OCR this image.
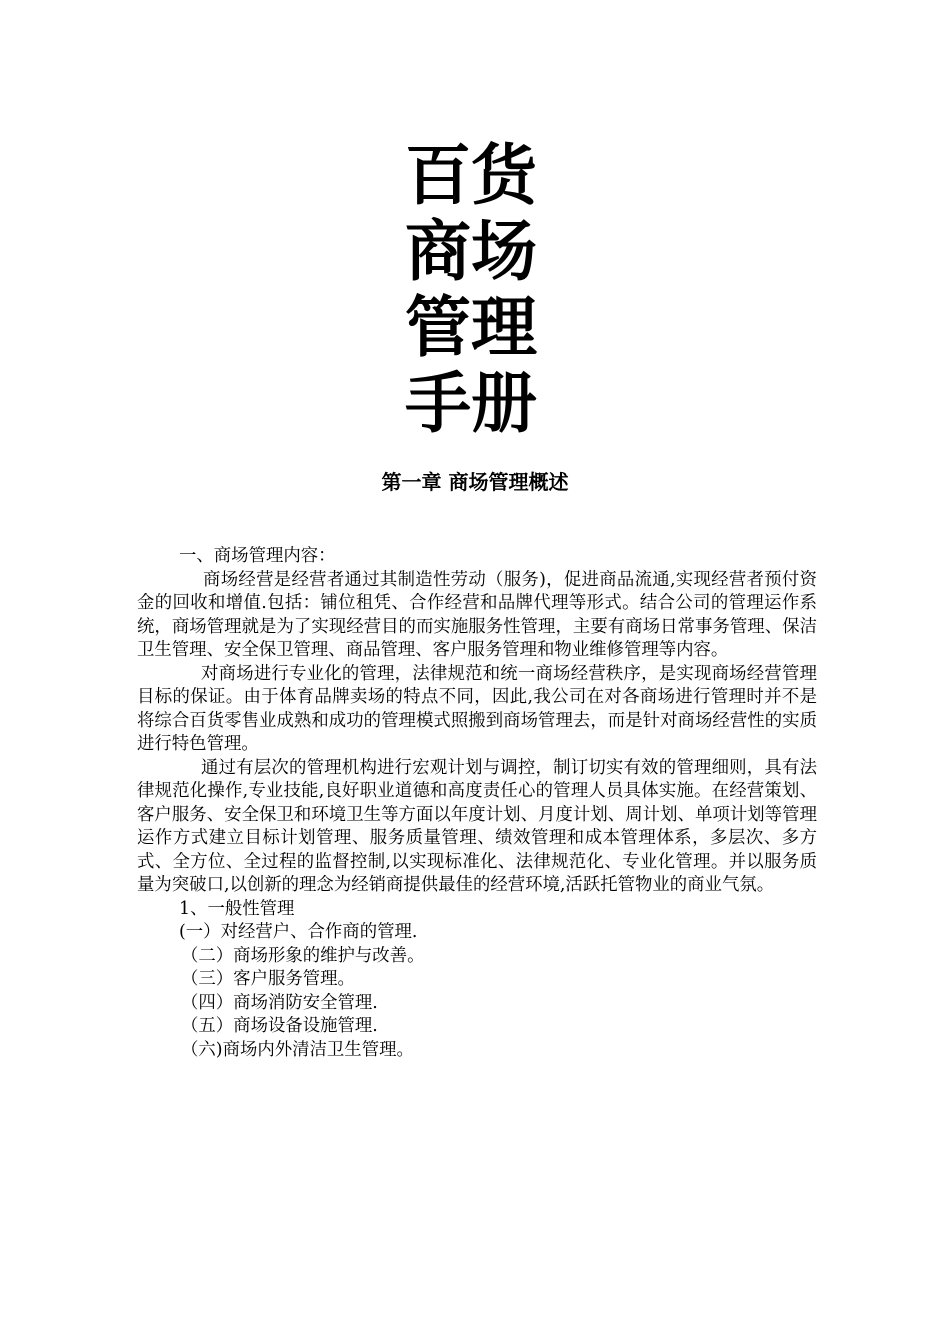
百货
商场
管理
手册
第一章 商场管理概述

一、商场管理内容：

商场经营是经营者通过其制造性劳动（服务)，促进商品流通,实现经营者预付资金的回收和增值.包括：铺位租凭、合作经营和品牌代理等形式。结合公司的管理运作系统，商场管理就是为了实现经营目的而实施服务性管理，主要有商场日常事务管理、保洁卫生管理、安全保卫管理、商品管理、客户服务管理和物业维修管理等内容。

对商场进行专业化的管理，法律规范和统一商场经营秩序，是实现商场经营管理目标的保证。由于体育品牌卖场的特点不同，因此,我公司在对各商场进行管理时并不是将综合百货零售业成熟和成功的管理模式照搬到商场管理去，而是针对商场经营性的实质进行特色管理。

通过有层次的管理机构进行宏观计划与调控，制订切实有效的管理细则，具有法律规范化操作,专业技能,良好职业道德和高度责任心的管理人员具体实施。在经营策划、客户服务、安全保卫和环境卫生等方面以年度计划、月度计划、周计划、单项计划等管理运作方式建立目标计划管理、服务质量管理、绩效管理和成本管理体系，多层次、多方式、全方位、全过程的监督控制,以实现标准化、法律规范化、专业化管理。并以服务质量为突破口,以创新的理念为经销商提供最佳的经营环境,活跃托管物业的商业气氛。

1、一般性管理

(一）对经营户、合作商的管理.

（二）商场形象的维护与改善。

（三）客户服务管理。

（四）商场消防安全管理.

（五）商场设备设施管理.

（六)商场内外清洁卫生管理。
